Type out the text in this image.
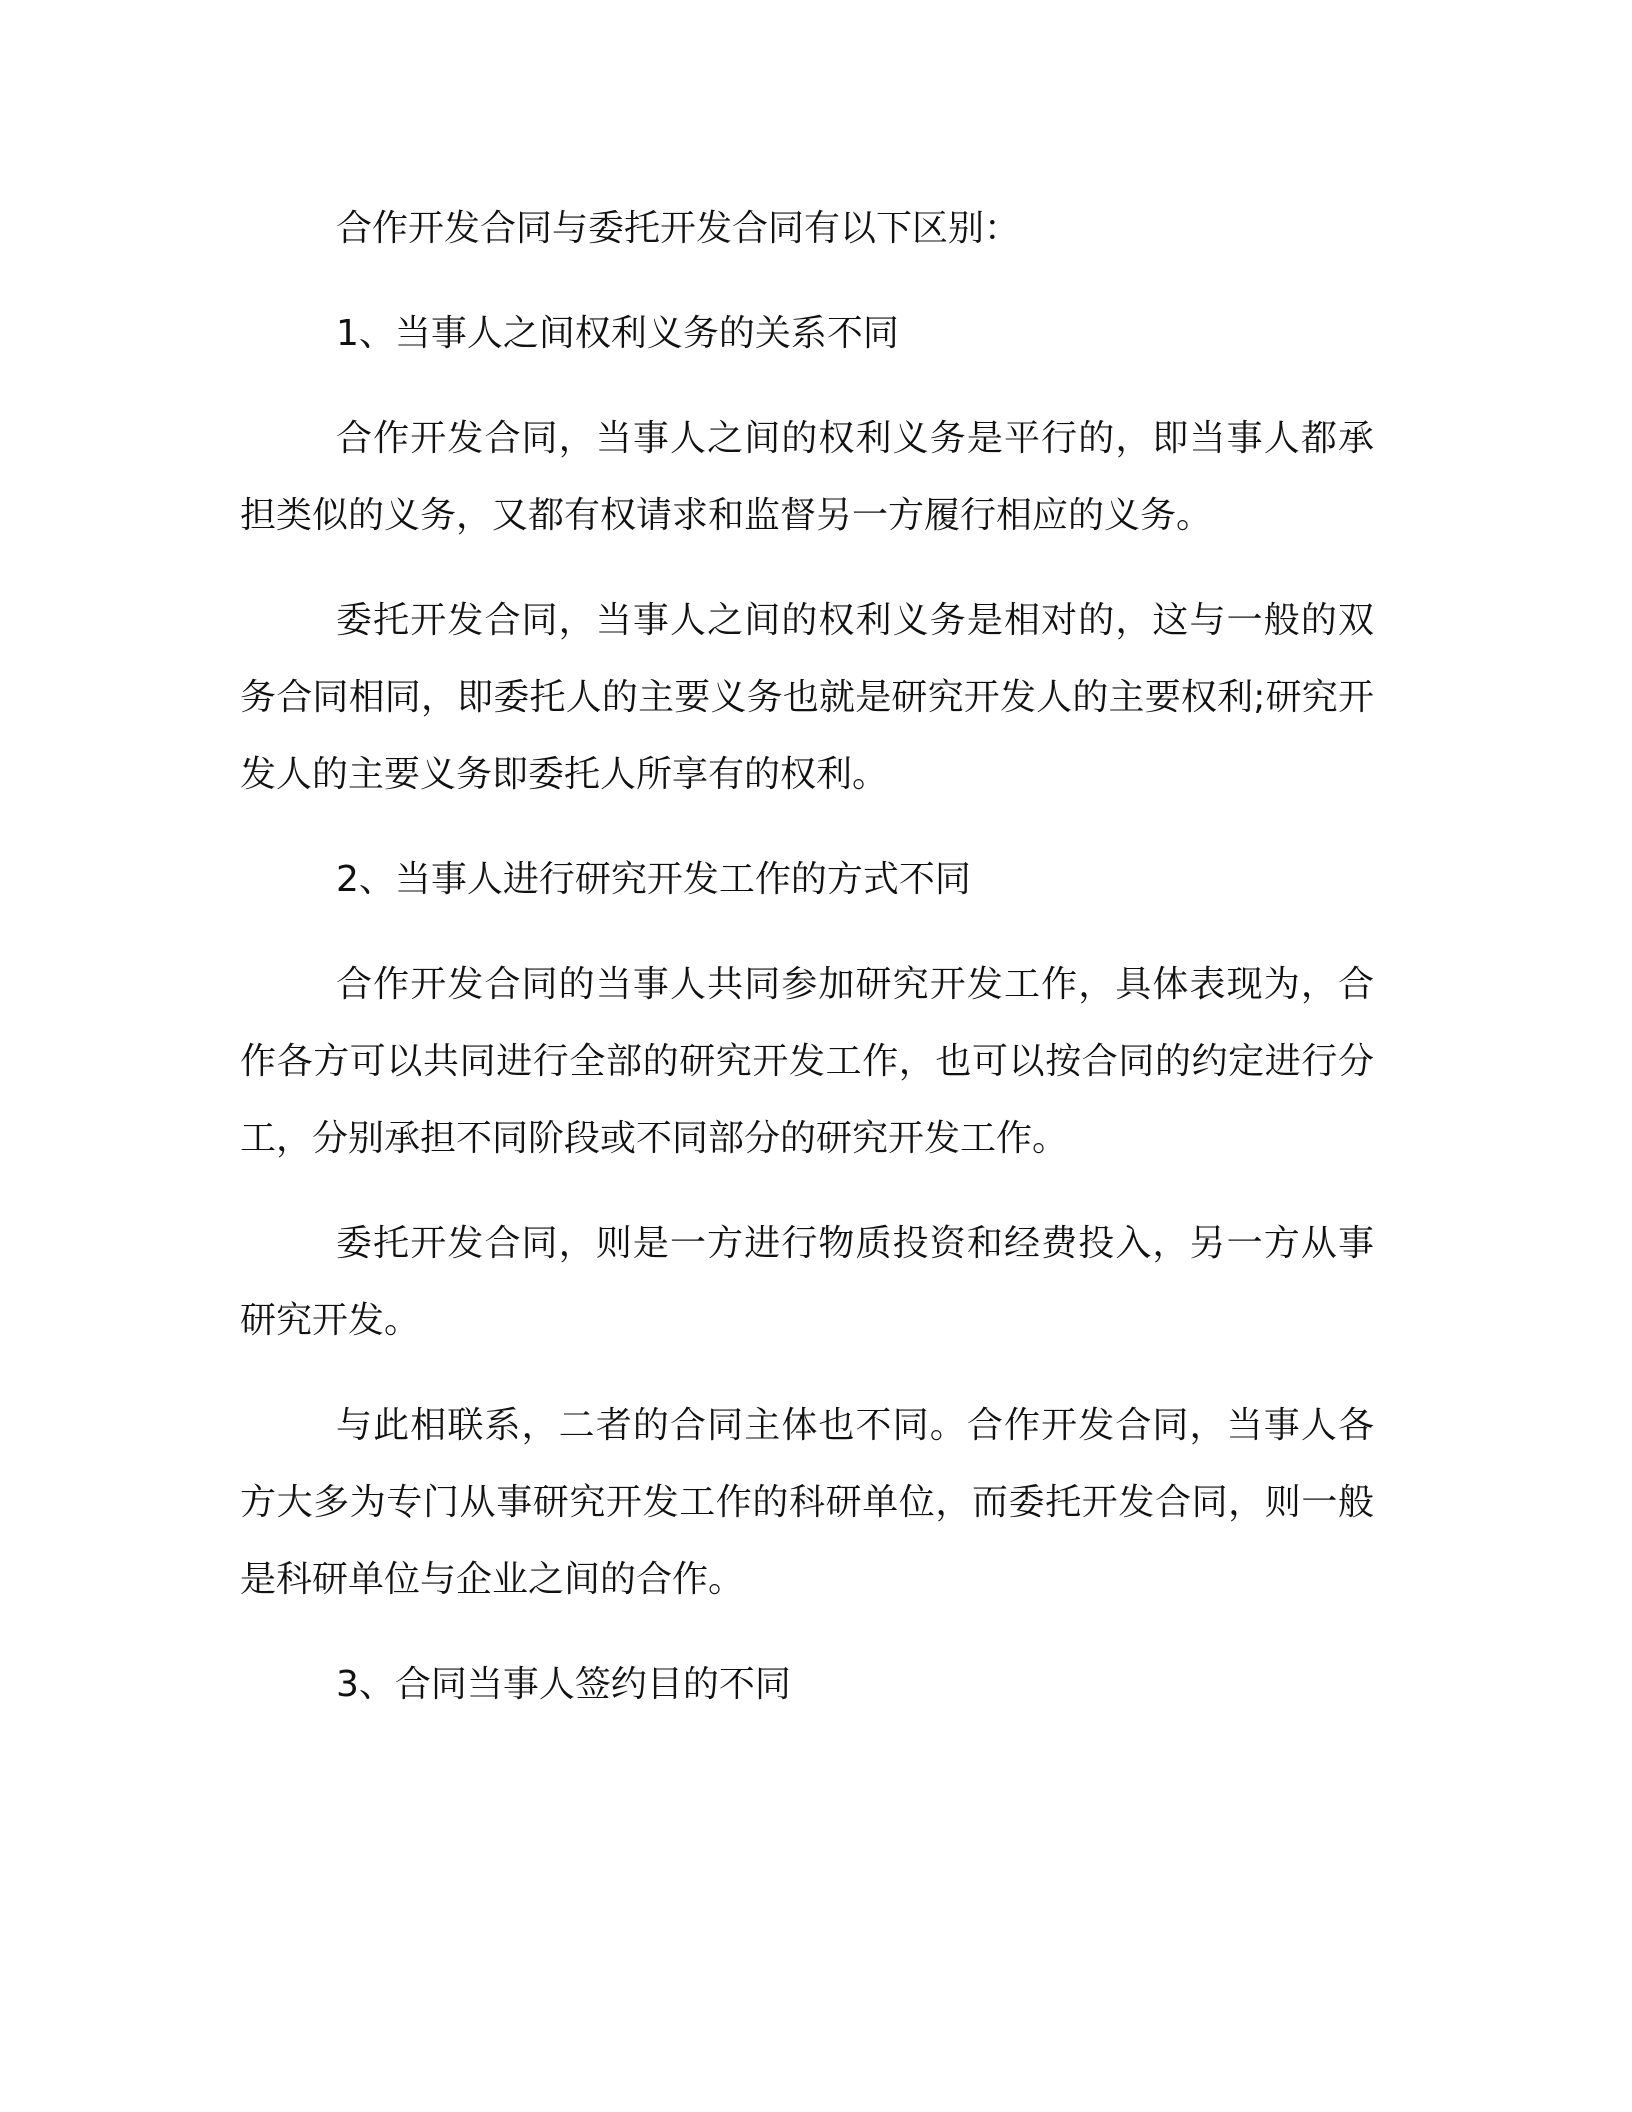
合作开发合同与委托开发合同有以下区别：

1、当事人之间权利义务的关系不同

合作开发合同，当事人之间的权利义务是平行的，即当事人都承担类似的义务，又都有权请求和监督另一方履行相应的义务。

委托开发合同，当事人之间的权利义务是相对的，这与一般的双务合同相同，即委托人的主要义务也就是研究开发人的主要权利;研究开发人的主要义务即委托人所享有的权利。

2、当事人进行研究开发工作的方式不同

合作开发合同的当事人共同参加研究开发工作，具体表现为，合作各方可以共同进行全部的研究开发工作，也可以按合同的约定进行分工，分别承担不同阶段或不同部分的研究开发工作。

委托开发合同，则是一方进行物质投资和经费投入，另一方从事研究开发。

与此相联系，二者的合同主体也不同。合作开发合同，当事人各方大多为专门从事研究开发工作的科研单位，而委托开发合同，则一般是科研单位与企业之间的合作。

3、合同当事人签约目的不同
